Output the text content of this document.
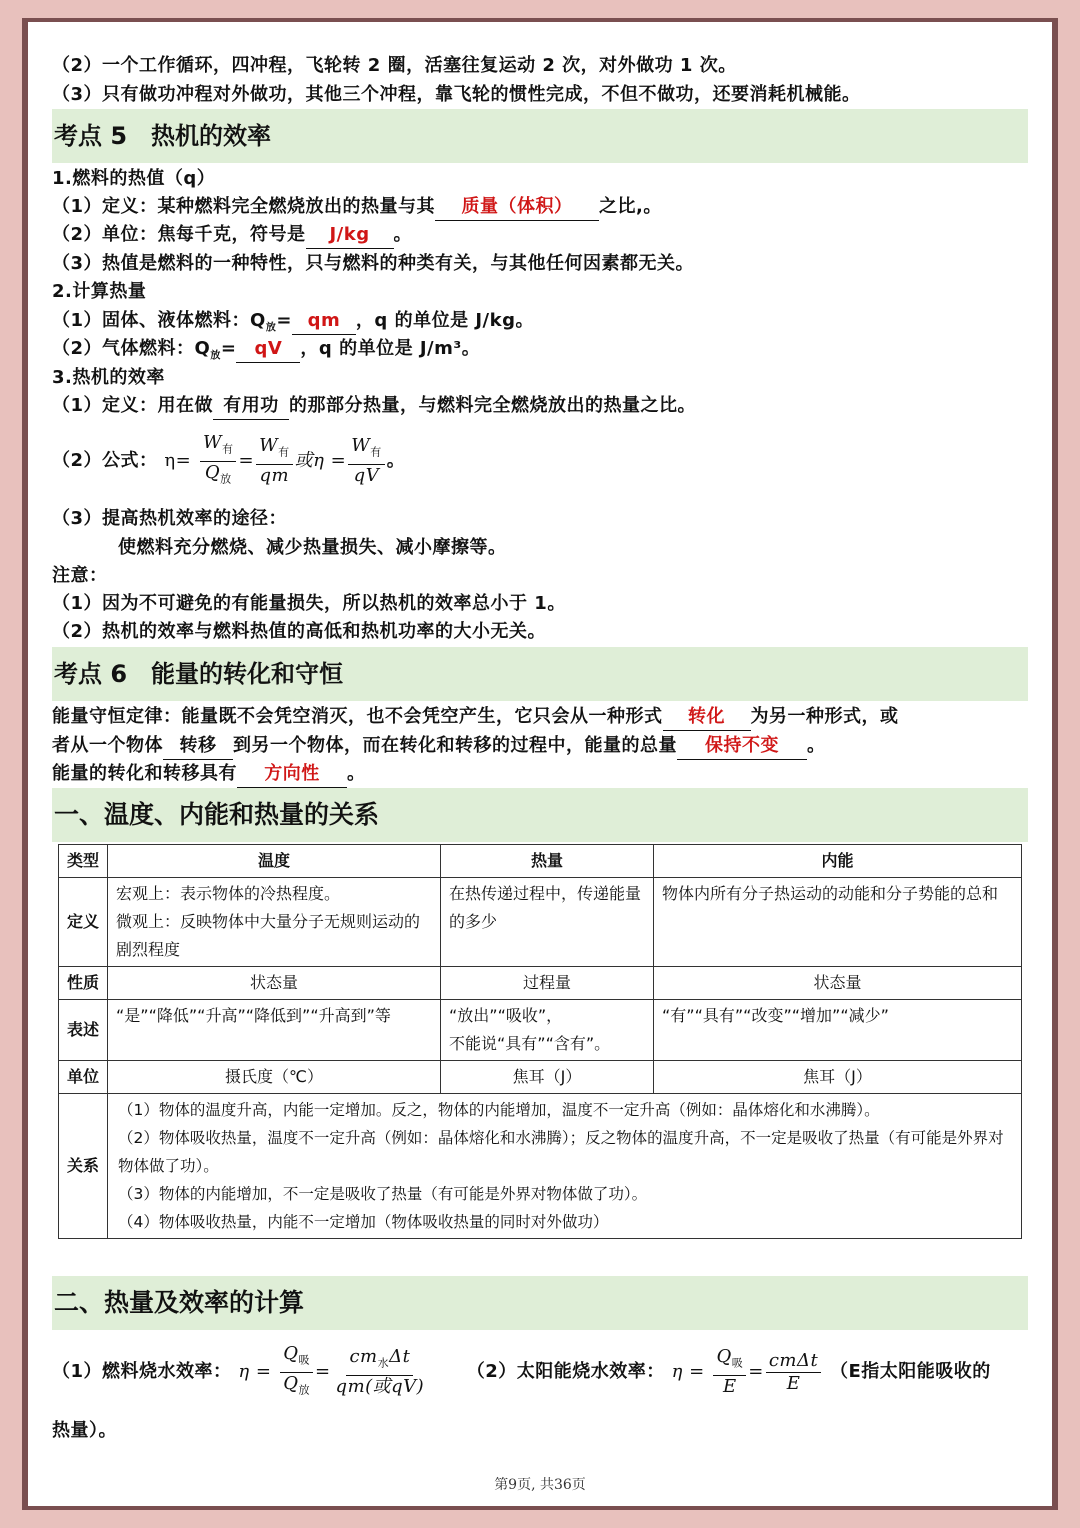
（2）一个工作循环，四冲程，飞轮转 2 圈，活塞往复运动 2 次，对外做功 1 次。
（3）只有做功冲程对外做功，其他三个冲程，靠飞轮的惯性完成，不但不做功，还要消耗机械能。
考点 5　热机的效率
1.燃料的热值（q）
（1）定义：某种燃料完全燃烧放出的热量与其 质量（体积） 之比,。
（2）单位：焦每千克，符号是 J/kg 。
（3）热值是燃料的一种特性，只与燃料的种类有关，与其他任何因素都无关。
2.计算热量
（1）固体、液体燃料：$Q_放=$ qm ，q 的单位是 J/kg。
（2）气体燃料：$Q_放=$ qV ，q 的单位是 J/m³。
3.热机的效率
（1）定义：用在做 有用功 的那部分热量，与燃料完全燃烧放出的热量之比。
（2）公式： $\eta= \frac{W_有}{Q_放} = \frac{W_有}{qm}$ 或$\eta = \frac{W_有}{qV}$ 。
（3）提高热机效率的途径：
使燃料充分燃烧、减少热量损失、减小摩擦等。
注意：
（1）因为不可避免的有能量损失，所以热机的效率总小于 1。
（2）热机的效率与燃料热值的高低和热机功率的大小无关。
考点 6　能量的转化和守恒
能量守恒定律：能量既不会凭空消灭，也不会凭空产生，它只会从一种形式 转化 为另一种形式，或
者从一个物体 转移 到另一个物体，而在转化和转移的过程中，能量的总量 保持不变 。
能量的转化和转移具有 方向性 。
一、温度、内能和热量的关系
类型	温度	热量	内能
定义	宏观上：表示物体的冷热程度。
微观上：反映物体中大量分子无规则运动的剧烈程度	在热传递过程中，传递能量的多少	物体内所有分子热运动的动能和分子势能的总和
性质	状态量	过程量	状态量
表述	“是”“降低”“升高”“降低到”“升高到”等	“放出”“吸收”，
不能说“具有”“含有”。	“有”“具有”“改变”“增加”“减少”
单位	摄氏度（℃）	焦耳（J）	焦耳（J）
关系	（1）物体的温度升高，内能一定增加。反之，物体的内能增加，温度不一定升高（例如：晶体熔化和水沸腾）。
（2）物体吸收热量，温度不一定升高（例如：晶体熔化和水沸腾）；反之物体的温度升高，不一定是吸收了热量（有可能是外界对物体做了功）。
（3）物体的内能增加，不一定是吸收了热量（有可能是外界对物体做了功）。
（4）物体吸收热量，内能不一定增加（物体吸收热量的同时对外做功）		
二、热量及效率的计算
（1）燃料烧水效率： $\eta = \frac{Q_吸}{Q_放} = \frac{cm_水\Delta t}{\text{qm(或qV)}} (2)$太阳能烧水效率： $\eta = \frac{Q_吸}{E} = \frac{\text{cmΔt}}{E} (E$指太阳能吸收的
热量）。
第9页, 共36页
